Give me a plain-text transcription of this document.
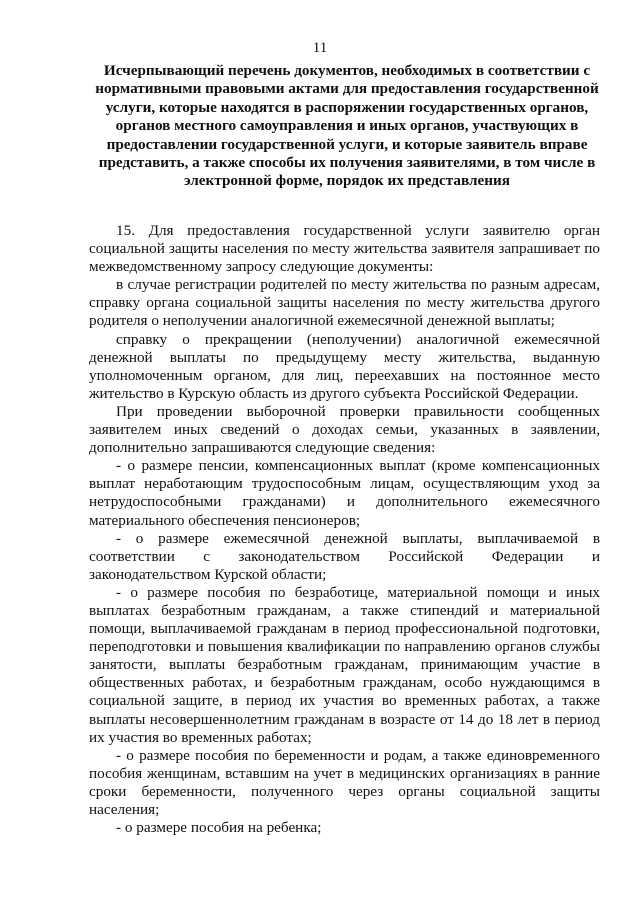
11
Исчерпывающий перечень документов, необходимых в соответствии с нормативными правовыми актами для предоставления государственной услуги, которые находятся в распоряжении государственных органов, органов местного самоуправления и иных органов, участвующих в предоставлении государственной услуги, и которые заявитель вправе представить, а также способы их получения заявителями, в том числе в электронной форме, порядок их представления

15. Для предоставления государственной услуги заявителю орган социальной защиты населения по месту жительства заявителя запрашивает по межведомственному запросу следующие документы:

в случае регистрации родителей по месту жительства по разным адресам, справку органа социальной защиты населения по месту жительства другого родителя о неполучении аналогичной ежемесячной денежной выплаты;

справку о прекращении (неполучении) аналогичной ежемесячной денежной выплаты по предыдущему месту жительства, выданную уполномоченным органом, для лиц, переехавших на постоянное место жительство в Курскую область из другого субъекта Российской Федерации.

При проведении выборочной проверки правильности сообщенных заявителем иных сведений о доходах семьи, указанных в заявлении, дополнительно запрашиваются следующие сведения:

- о размере пенсии, компенсационных выплат (кроме компенсационных выплат неработающим трудоспособным лицам, осуществляющим уход за нетрудоспособными гражданами) и дополнительного ежемесячного материального обеспечения пенсионеров;

- о размере ежемесячной денежной выплаты, выплачиваемой в соответствии с законодательством Российской Федерации и законодательством Курской области;

- о размере пособия по безработице, материальной помощи и иных выплатах безработным гражданам, а также стипендий и материальной помощи, выплачиваемой гражданам в период профессиональной подготовки, переподготовки и повышения квалификации по направлению органов службы занятости, выплаты безработным гражданам, принимающим участие в общественных работах, и безработным гражданам, особо нуждающимся в социальной защите, в период их участия во временных работах, а также выплаты несовершеннолетним гражданам в возрасте от 14 до 18 лет в период их участия во временных работах;

- о размере пособия по беременности и родам, а также единовременного пособия женщинам, вставшим на учет в медицинских организациях в ранние сроки беременности, полученного через органы социальной защиты населения;

- о размере пособия на ребенка;
